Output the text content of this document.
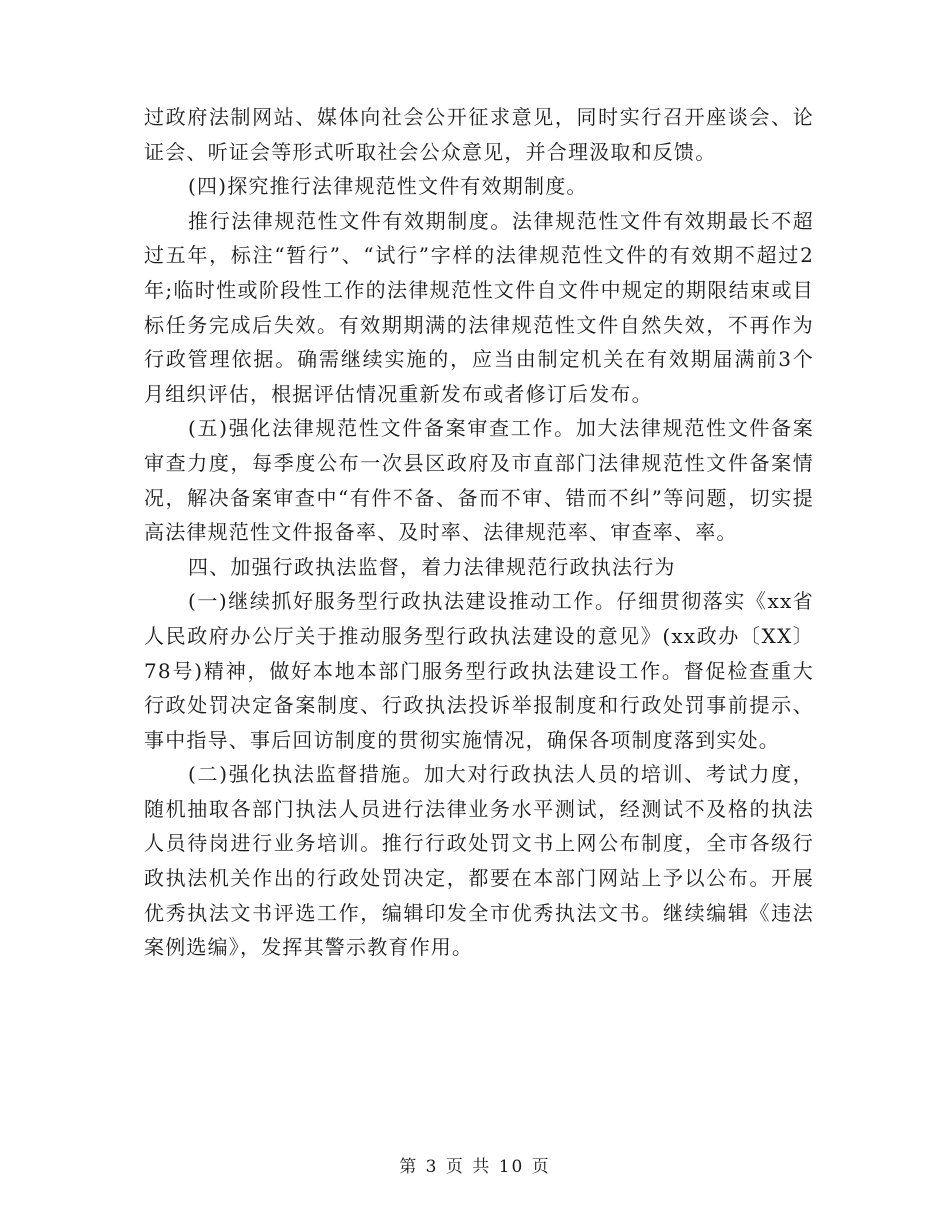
过政府法制网站、媒体向社会公开征求意见，同时实行召开座谈会、论证会、听证会等形式听取社会公众意见，并合理汲取和反馈。

(四)探究推行法律规范性文件有效期制度。

推行法律规范性文件有效期制度。法律规范性文件有效期最长不超过五年，标注“暂行”、“试行”字样的法律规范性文件的有效期不超过2年;临时性或阶段性工作的法律规范性文件自文件中规定的期限结束或目标任务完成后失效。有效期期满的法律规范性文件自然失效，不再作为行政管理依据。确需继续实施的，应当由制定机关在有效期届满前3个月组织评估，根据评估情况重新发布或者修订后发布。

(五)强化法律规范性文件备案审查工作。加大法律规范性文件备案审查力度，每季度公布一次县区政府及市直部门法律规范性文件备案情况，解决备案审查中“有件不备、备而不审、错而不纠”等问题，切实提高法律规范性文件报备率、及时率、法律规范率、审查率、率。

四、加强行政执法监督，着力法律规范行政执法行为

(一)继续抓好服务型行政执法建设推动工作。仔细贯彻落实《xx省人民政府办公厅关于推动服务型行政执法建设的意见》(xx政办〔XX〕78号)精神，做好本地本部门服务型行政执法建设工作。督促检查重大行政处罚决定备案制度、行政执法投诉举报制度和行政处罚事前提示、事中指导、事后回访制度的贯彻实施情况，确保各项制度落到实处。

(二)强化执法监督措施。加大对行政执法人员的培训、考试力度，随机抽取各部门执法人员进行法律业务水平测试，经测试不及格的执法人员待岗进行业务培训。推行行政处罚文书上网公布制度，全市各级行政执法机关作出的行政处罚决定，都要在本部门网站上予以公布。开展优秀执法文书评选工作，编辑印发全市优秀执法文书。继续编辑《违法案例选编》，发挥其警示教育作用。

第 3 页 共 10 页
